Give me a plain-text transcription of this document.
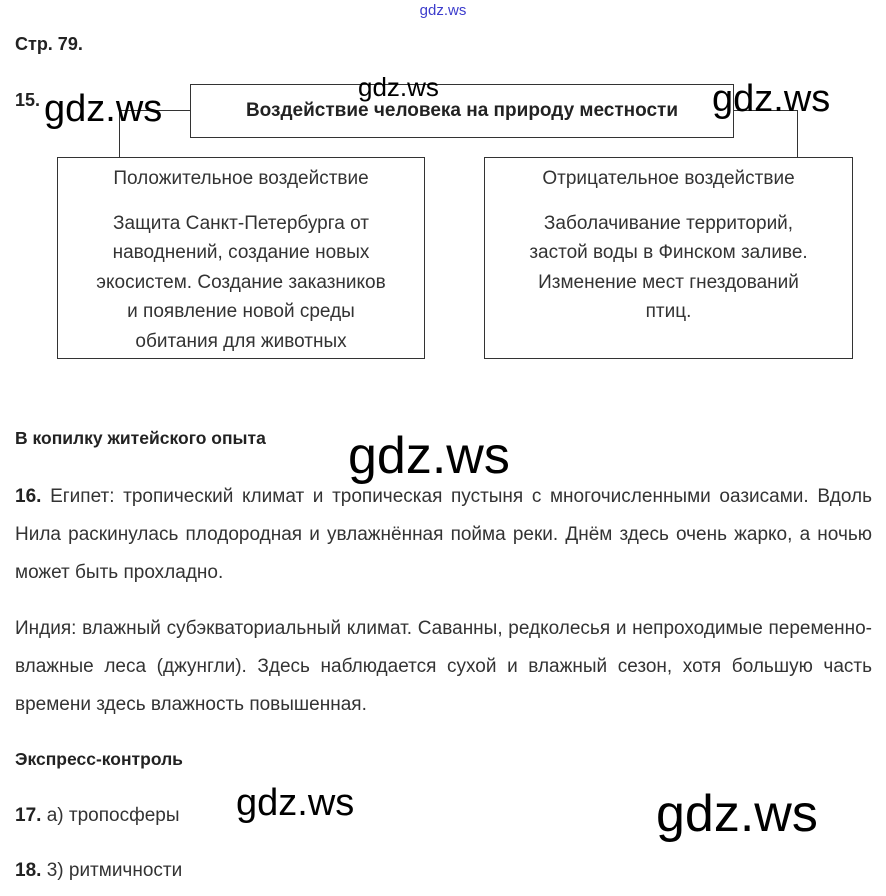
gdz.ws
Стр. 79.
15.	Воздействие человека на природу местности
Положительное воздействие
Защита Санкт-Петербурга от
наводнений, создание новых
экосистем. Создание заказников
и появление новой среды
обитания для животных
Отрицательное воздействие
Заболачивание территорий,
застой воды в Финском заливе.
Изменение мест гнездований
птиц.
В копилку житейского опыта
16. Египет: тропический климат и тропическая пустыня с многочисленными оазисами. Вдоль Нила раскинулась плодородная и увлажнённая пойма реки. Днём здесь очень жарко, а ночью может быть прохладно.
Индия: влажный субэкваториальный климат. Саванны, редколесья и непроходимые переменно-влажные леса (джунгли). Здесь наблюдается сухой и влажный сезон, хотя большую часть времени здесь влажность повышенная.
Экспресс-контроль
17. а) тропосферы
18. 3) ритмичности
gdz.ws
gdz.ws	gdz.ws
gdz.ws
gdz.ws	gdz.ws
